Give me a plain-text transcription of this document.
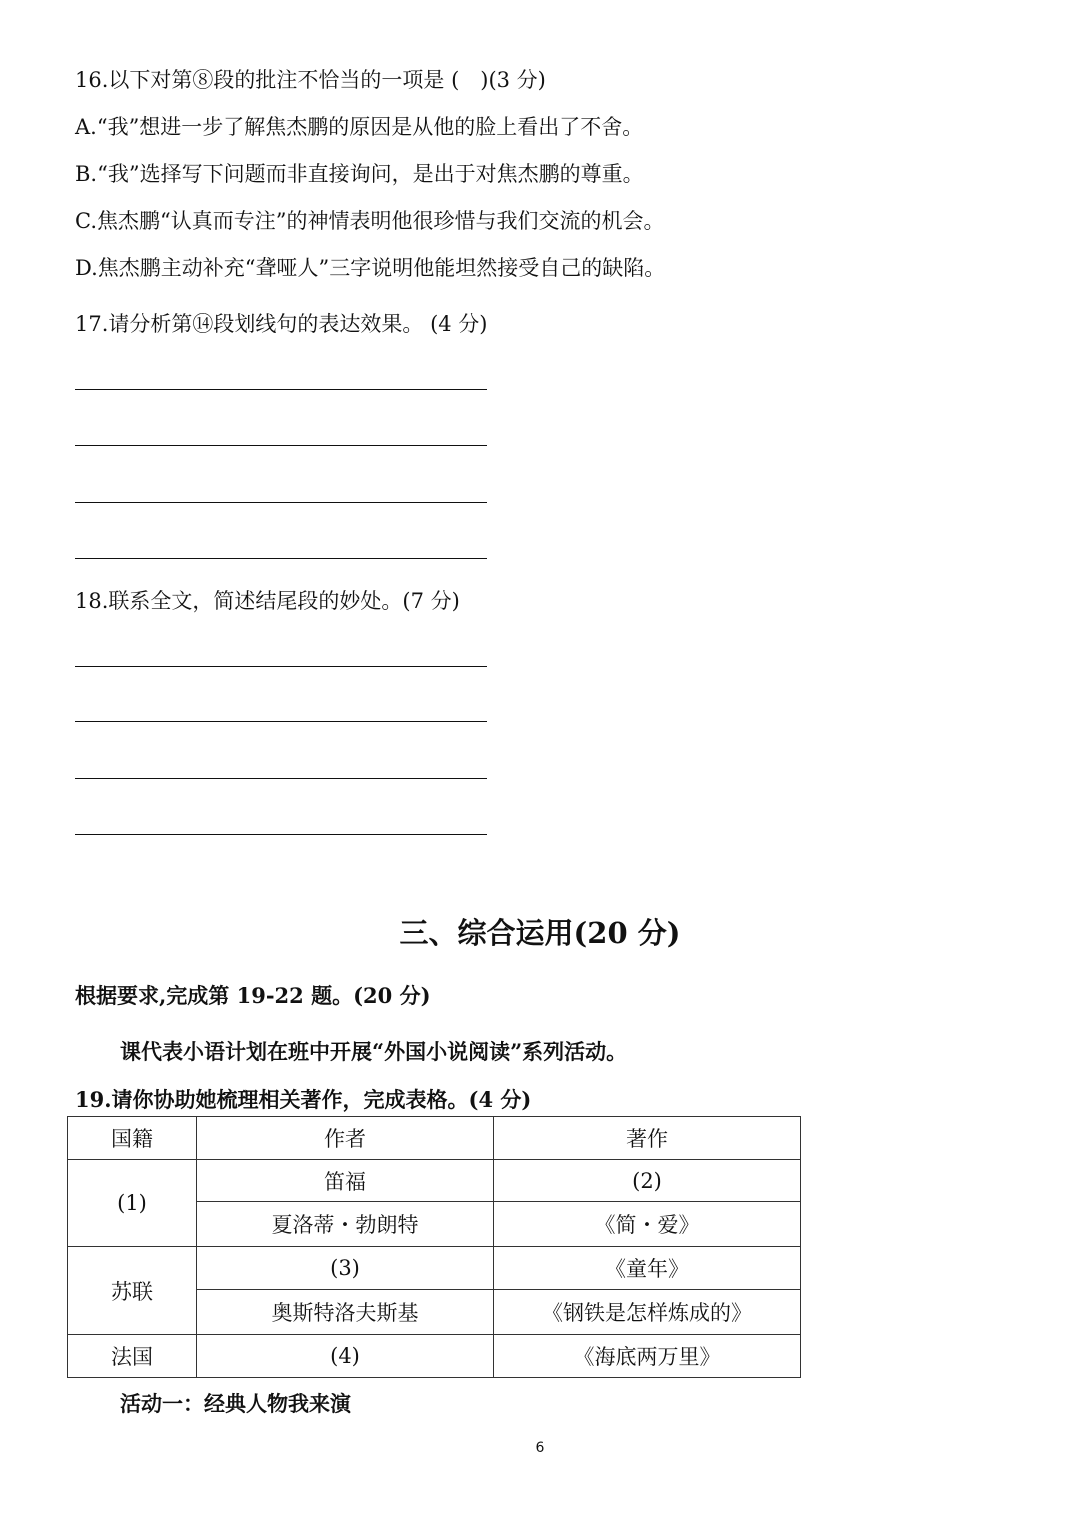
16.以下对第⑧段的批注不恰当的一项是 (　)(3 分)
A.“我”想进一步了解焦杰鹏的原因是从他的脸上看出了不舍。
B.“我”选择写下问题而非直接询问，是出于对焦杰鹏的尊重。
C.焦杰鹏“认真而专注”的神情表明他很珍惜与我们交流的机会。
D.焦杰鹏主动补充“聋哑人”三字说明他能坦然接受自己的缺陷。
17.请分析第⑭段划线句的表达效果。 (4 分)
18.联系全文，简述结尾段的妙处。(7 分)
三、综合运用(20 分)
根据要求,完成第 19-22 题。(20 分)
课代表小语计划在班中开展“外国小说阅读”系列活动。
19.请你协助她梳理相关著作，完成表格。(4 分)
国籍	作者	著作
(1)	笛福	(2)
	夏洛蒂・勃朗特	《简・爱》
苏联	(3)	《童年》
	奥斯特洛夫斯基	《钢铁是怎样炼成的》
法国	(4)	《海底两万里》
活动一：经典人物我来演
6
